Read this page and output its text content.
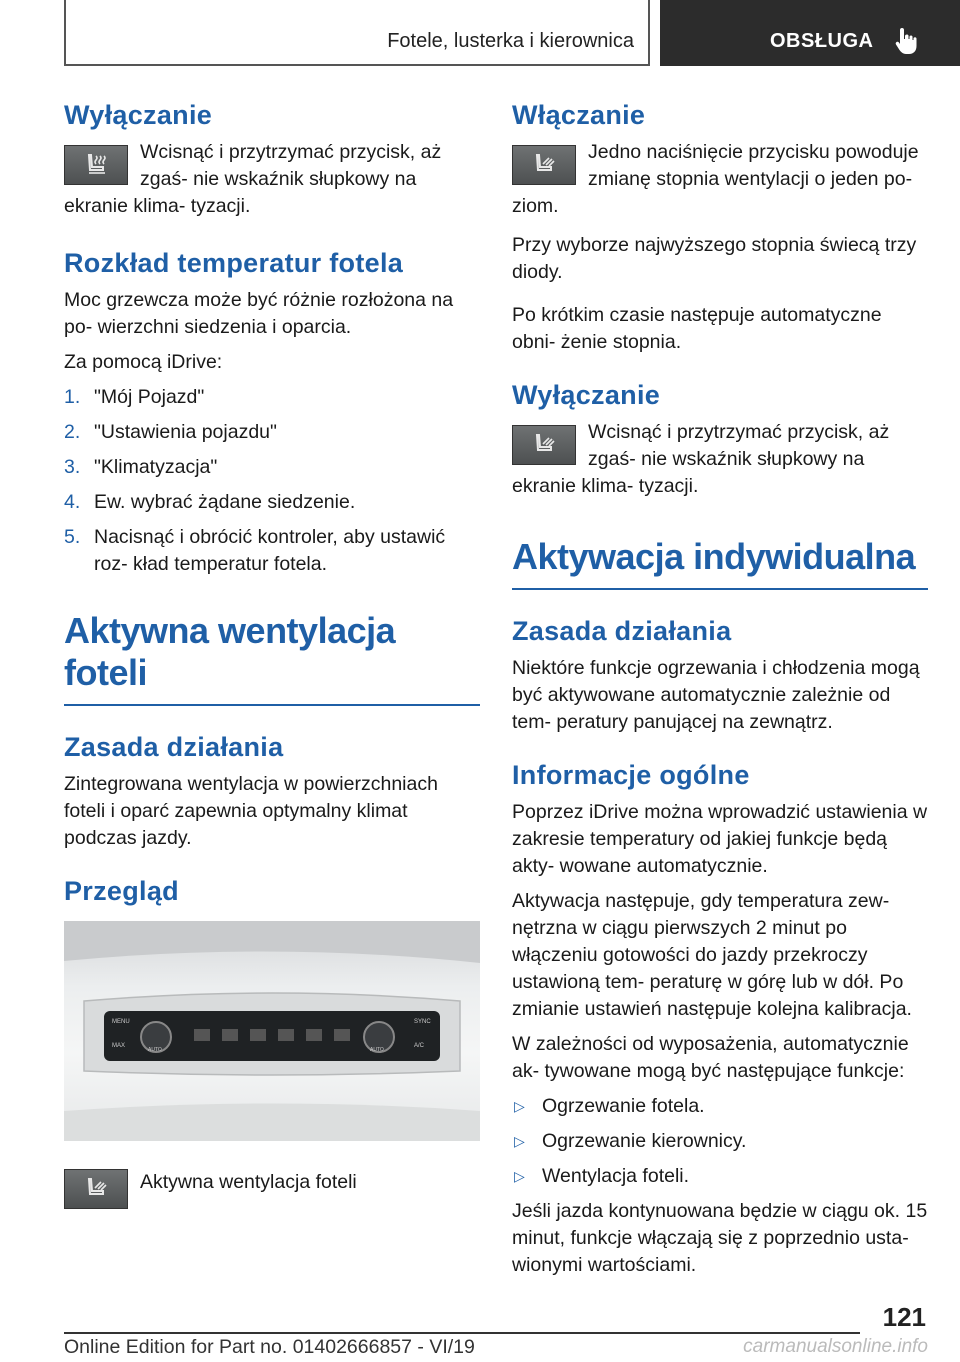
Fotele, lusterka i kierownica	OBSŁUGA
Wyłączanie

Wcisnąć i przytrzymać przycisk, aż zgaś‐ nie wskaźnik słupkowy na ekranie klima‐ tyzacji.

Rozkład temperatur fotela

Moc grzewcza może być różnie rozłożona na po‐ wierzchni siedzenia i oparcia.

Za pomocą iDrive:

1. "Mój Pojazd"
2. "Ustawienia pojazdu"
3. "Klimatyzacja"
4. Ew. wybrać żądane siedzenie.
5. Nacisnąć i obrócić kontroler, aby ustawić roz‐ kład temperatur fotela.
Aktywna wentylacja foteli
Zasada działania

Zintegrowana wentylacja w powierzchniach foteli i oparć zapewnia optymalny klimat podczas jazdy.

Przegląd
MENU
AUTO	AUTO
SYNC
MAX	A/C

Aktywna wentylacja foteli

Włączanie

Jedno naciśnięcie przycisku powoduje zmianę stopnia wentylacji o jeden po‐ ziom.

Przy wyborze najwyższego stopnia świecą trzy diody.

Po krótkim czasie następuje automatyczne obni‐ żenie stopnia.

Wyłączanie

Wcisnąć i przytrzymać przycisk, aż zgaś‐ nie wskaźnik słupkowy na ekranie klima‐ tyzacji.

Aktywacja indywidualna
Zasada działania

Niektóre funkcje ogrzewania i chłodzenia mogą być aktywowane automatycznie zależnie od tem‐ peratury panującej na zewnątrz.

Informacje ogólne

Poprzez iDrive można wprowadzić ustawienia w zakresie temperatury od jakiej funkcje będą akty‐ wowane automatycznie.

Aktywacja następuje, gdy temperatura zew‐ nętrzna w ciągu pierwszych 2 minut po włączeniu gotowości do jazdy przekroczy ustawioną tem‐ peraturę w górę lub w dół. Po zmianie ustawień następuje kolejna kalibracja.

W zależności od wyposażenia, automatycznie ak‐ tywowane mogą być następujące funkcje:

▷ Ogrzewanie fotela.
▷ Ogrzewanie kierownicy.
▷ Wentylacja foteli.

Jeśli jazda kontynuowana będzie w ciągu ok. 15 minut, funkcje włączają się z poprzednio usta‐ wionymi wartościami.

121
Online Edition for Part no. 01402666857 - VI/19	carmanualsonline.info
